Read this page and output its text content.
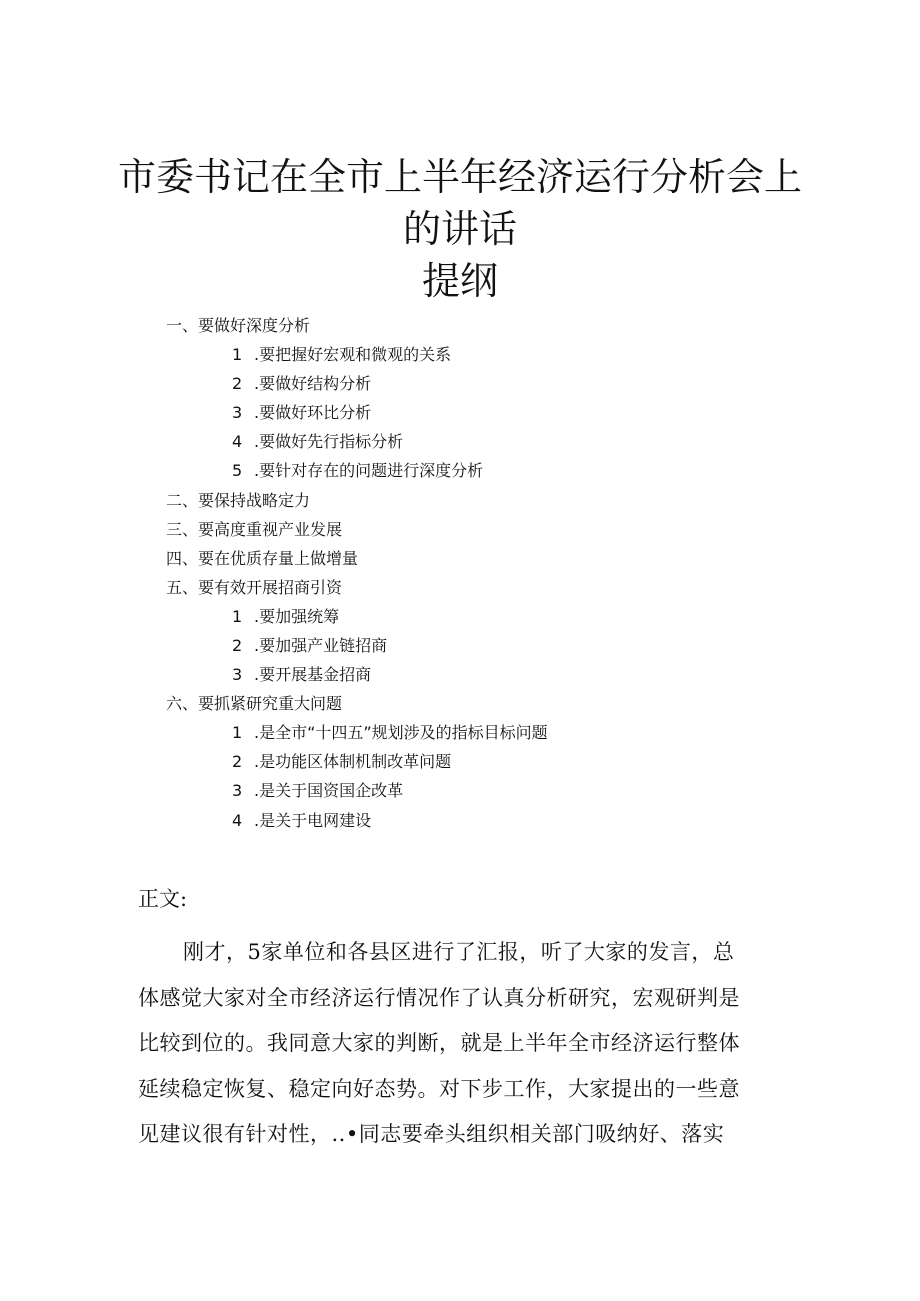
市委书记在全市上半年经济运行分析会上
的讲话
提纲
一、要做好深度分析
1 .要把握好宏观和微观的关系
2 .要做好结构分析
3 .要做好环比分析
4 .要做好先行指标分析
5 .要针对存在的问题进行深度分析
二、要保持战略定力
三、要高度重视产业发展
四、要在优质存量上做增量
五、要有效开展招商引资
1 .要加强统筹
2 .要加强产业链招商
3 .要开展基金招商
六、要抓紧研究重大问题
1 .是全市“十四五”规划涉及的指标目标问题
2 .是功能区体制机制改革问题
3 .是关于国资国企改革
4 .是关于电网建设
正文:
刚才，5家单位和各县区进行了汇报，听了大家的发言，总
体感觉大家对全市经济运行情况作了认真分析研究，宏观研判是
比较到位的。我同意大家的判断，就是上半年全市经济运行整体
延续稳定恢复、稳定向好态势。对下步工作，大家提出的一些意
见建议很有针对性，..•同志要牵头组织相关部门吸纳好、落实
